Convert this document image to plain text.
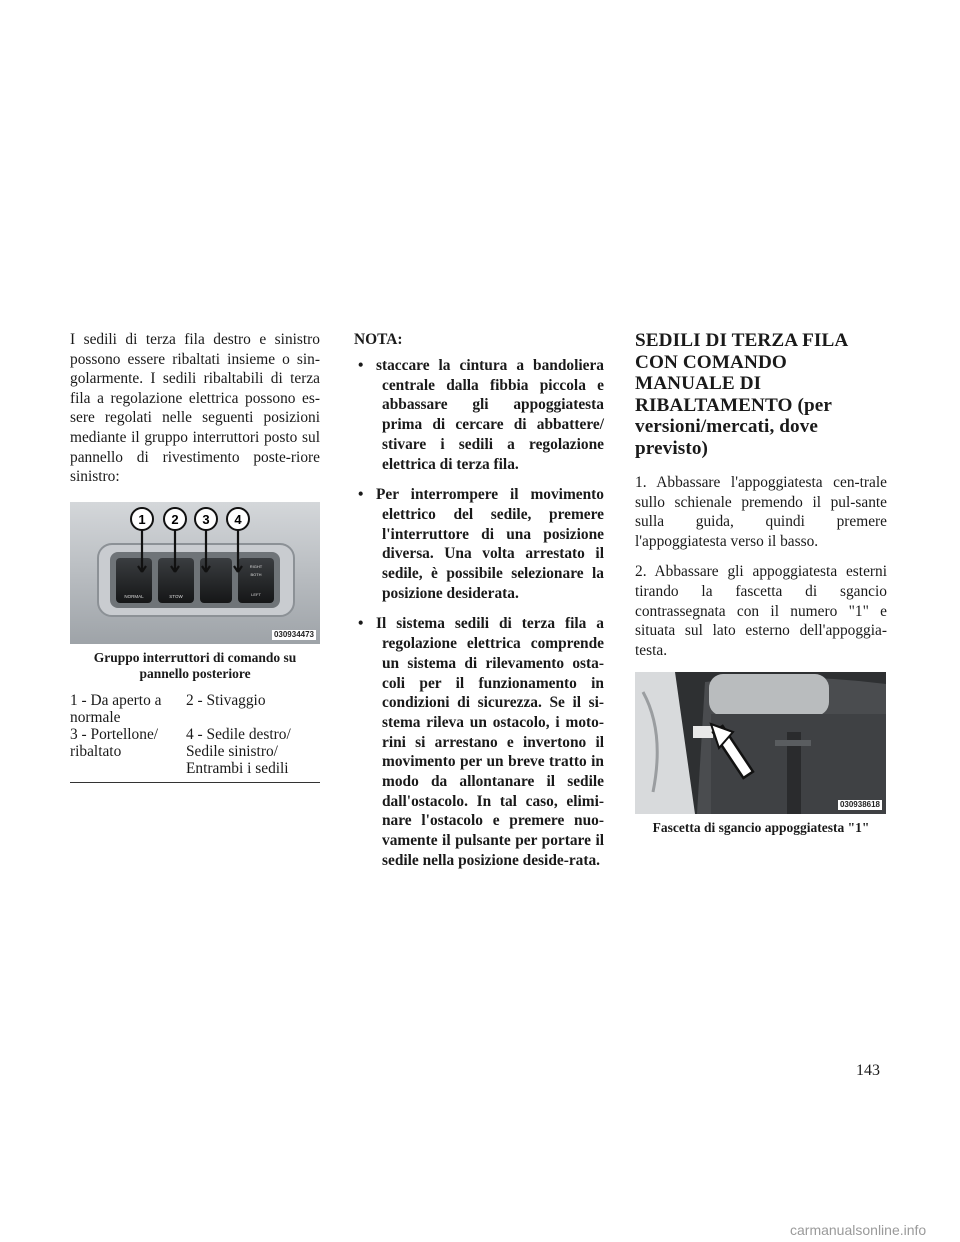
I sedili di terza fila destro e sinistro possono essere ribaltati insieme o sin-golarmente. I sedili ribaltabili di terza fila a regolazione elettrica possono es-sere regolati nelle seguenti posizioni mediante il gruppo interruttori posto sul pannello di rivestimento poste-riore sinistro:

NORMAL	STOW
RIGHT
BOTH
LEFT
1 2 3 4
030934473
Gruppo interruttori di comando su pannello posteriore
1 - Da aperto a normale
2 - Stivaggio
3 - Portellone/ ribaltato
4 - Sedile destro/ Sedile sinistro/ Entrambi i sedili

NOTA:

• staccare la cintura a bandoliera centrale dalla fibbia piccola e abbassare gli appoggiatesta prima di cercare di abbattere/ stivare i sedili a regolazione elettrica di terza fila.
• Per interrompere il movimento elettrico del sedile, premere l'interruttore di una posizione diversa. Una volta arrestato il sedile, è possibile selezionare la posizione desiderata.
• Il sistema sedili di terza fila a regolazione elettrica comprende un sistema di rilevamento osta-coli per il funzionamento in condizioni di sicurezza. Se il si-stema rileva un ostacolo, i moto-rini si arrestano e invertono il movimento per un breve tratto in modo da allontanare il sedile dall'ostacolo. In tal caso, elimi-nare l'ostacolo e premere nuo-vamente il pulsante per portare il sedile nella posizione deside-rata.
SEDILI DI TERZA FILA CON COMANDO MANUALE DI RIBALTAMENTO (per versioni/mercati, dove previsto)

1. Abbassare l'appoggiatesta cen-trale sullo schienale premendo il pul-sante sulla guida, quindi premere l'appoggiatesta verso il basso.

2. Abbassare gli appoggiatesta esterni tirando la fascetta di sgancio contrassegnata con il numero "1" e situata sul lato esterno dell'appoggia-testa.

030938618
Fascetta di sgancio appoggiatesta "1"
143
carmanualsonline.info
